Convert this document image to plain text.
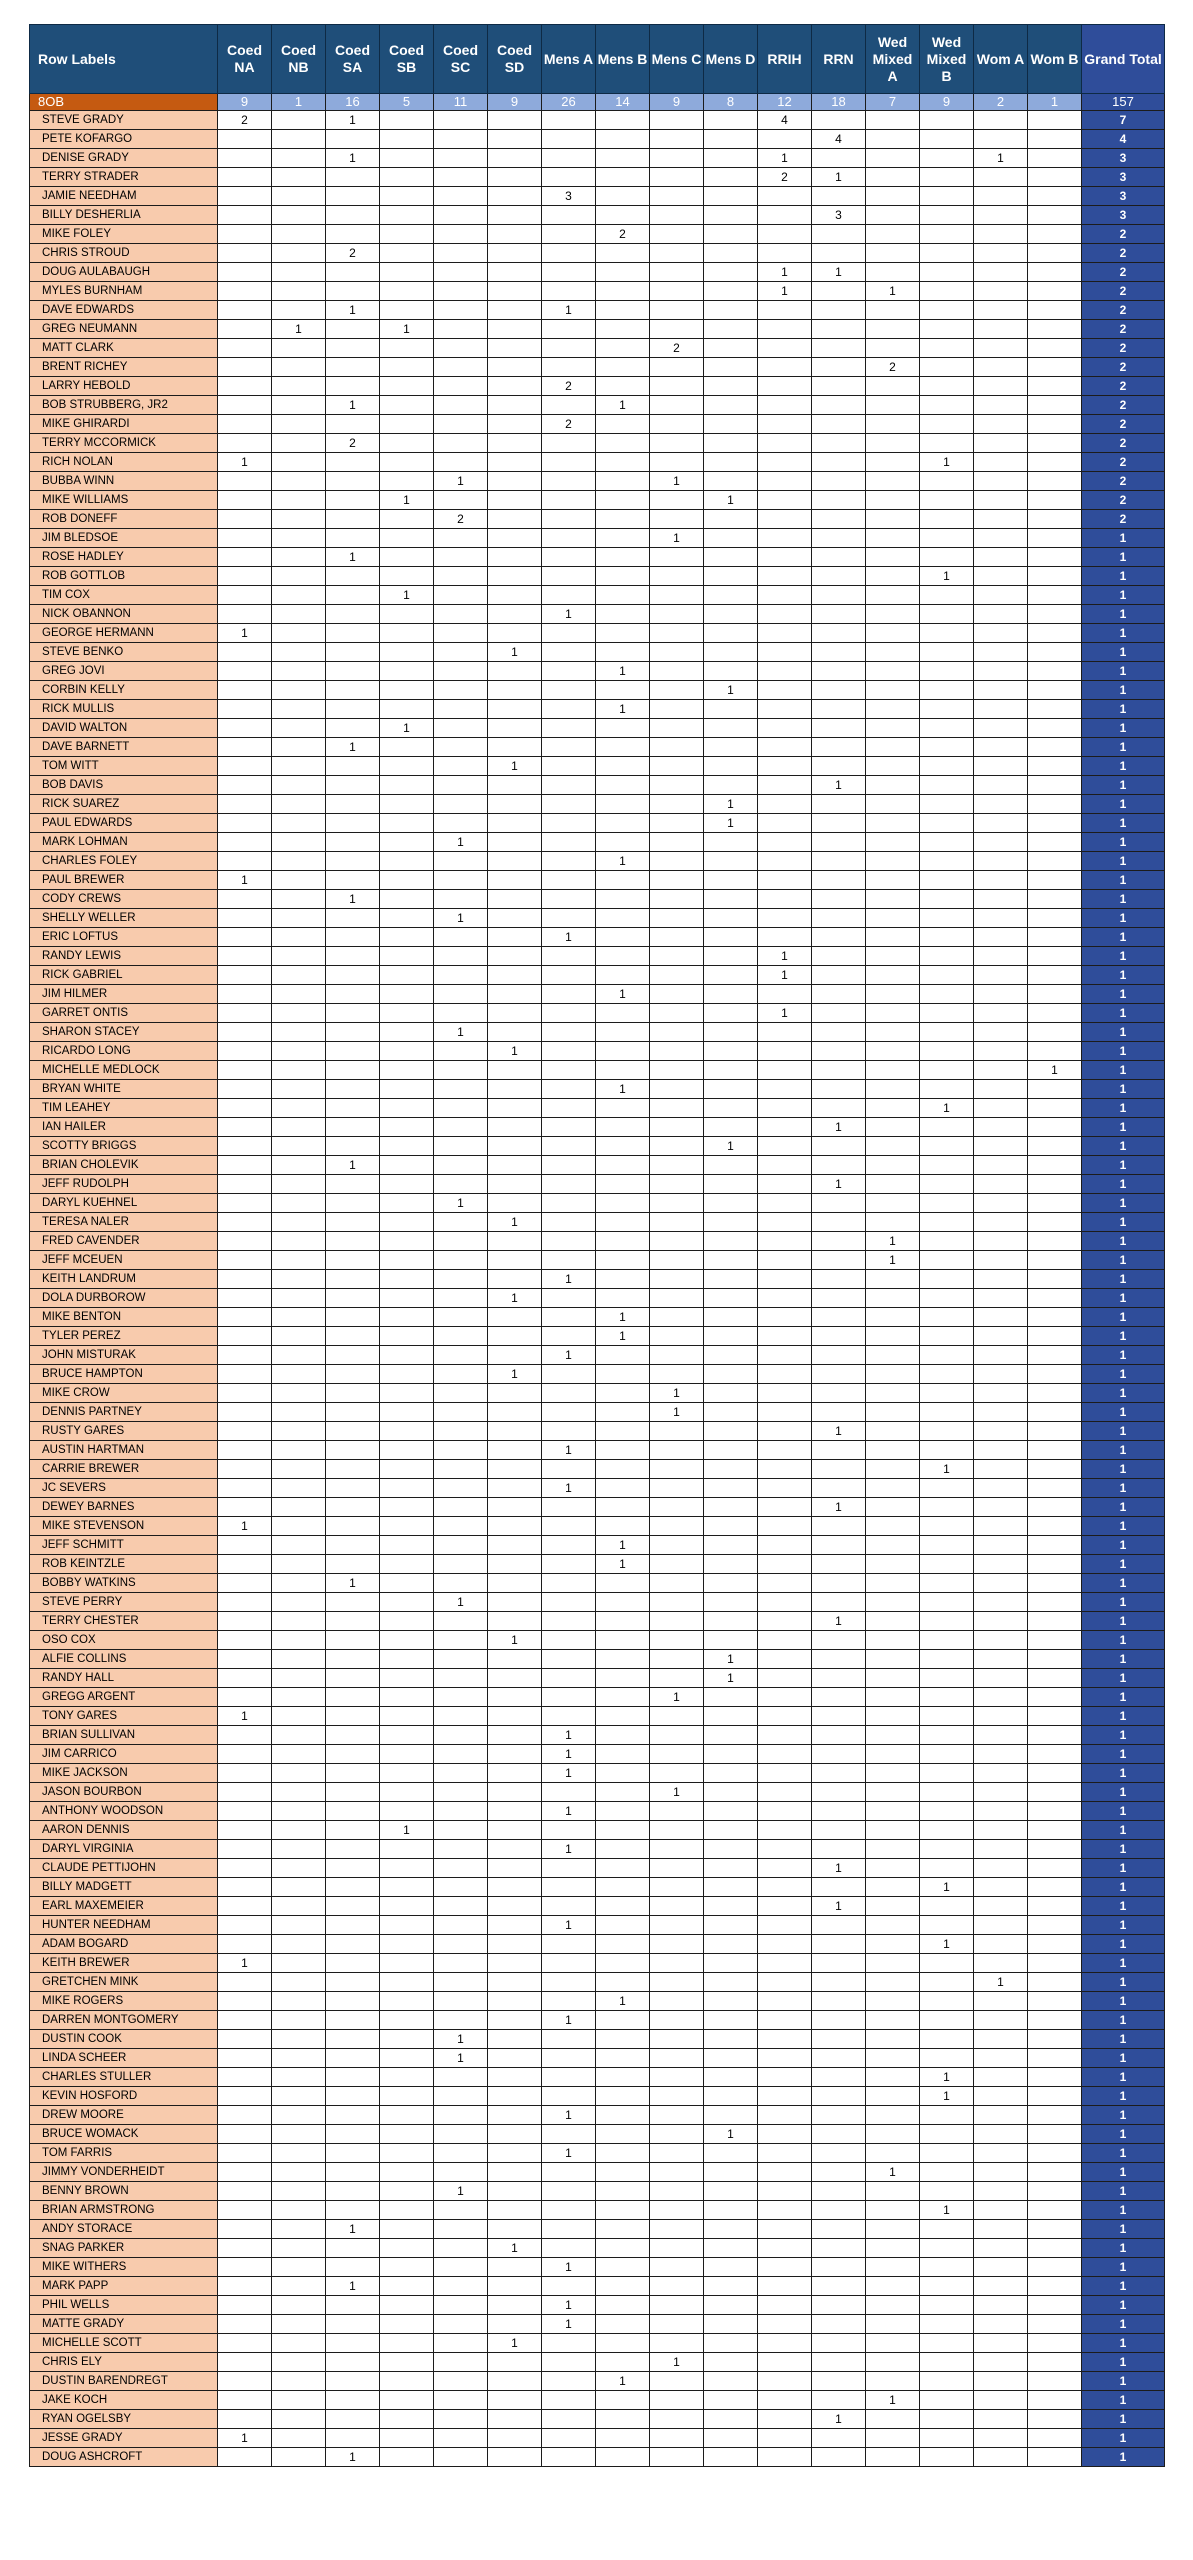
Row Labels	Coed NA	Coed NB	Coed SA	Coed SB	Coed SC	Coed SD	Mens A	Mens B	Mens C	Mens D	RRIH	RRN	Wed Mixed A	Wed Mixed B	Wom A	Wom B	Grand Total
8OB	9	1	16	5	11	9	26	14	9	8	12	18	7	9	2	1	157
STEVE GRADY	2		1								4						7
PETE KOFARGO												4					4
DENISE GRADY			1								1				1		3
TERRY STRADER											2	1					3
JAMIE NEEDHAM							3										3
BILLY DESHERLIA												3					3
MIKE FOLEY								2									2
CHRIS STROUD			2														2
DOUG AULABAUGH											1	1					2
MYLES BURNHAM											1		1				2
DAVE EDWARDS			1				1										2
GREG NEUMANN		1		1													2
MATT CLARK									2								2
BRENT RICHEY													2				2
LARRY HEBOLD							2										2
BOB STRUBBERG, JR2			1					1									2
MIKE GHIRARDI							2										2
TERRY MCCORMICK			2														2
RICH NOLAN	1													1			2
BUBBA WINN					1				1								2
MIKE WILLIAMS				1						1							2
ROB DONEFF					2												2
JIM BLEDSOE									1								1
ROSE HADLEY			1														1
ROB GOTTLOB														1			1
TIM COX				1													1
NICK OBANNON							1										1
GEORGE HERMANN	1																1
STEVE BENKO						1											1
GREG JOVI								1									1
CORBIN KELLY										1							1
RICK MULLIS								1									1
DAVID WALTON				1													1
DAVE BARNETT			1														1
TOM WITT						1											1
BOB DAVIS												1					1
RICK SUAREZ										1							1
PAUL EDWARDS										1							1
MARK LOHMAN					1												1
CHARLES FOLEY								1									1
PAUL BREWER	1																1
CODY CREWS			1														1
SHELLY WELLER					1												1
ERIC LOFTUS							1										1
RANDY LEWIS											1						1
RICK GABRIEL											1						1
JIM HILMER								1									1
GARRET ONTIS											1						1
SHARON STACEY					1												1
RICARDO LONG						1											1
MICHELLE MEDLOCK																1	1
BRYAN WHITE								1									1
TIM LEAHEY														1			1
IAN HAILER												1					1
SCOTTY BRIGGS										1							1
BRIAN CHOLEVIK			1														1
JEFF RUDOLPH												1					1
DARYL KUEHNEL					1												1
TERESA NALER						1											1
FRED CAVENDER													1				1
JEFF MCEUEN													1				1
KEITH LANDRUM							1										1
DOLA DURBOROW						1											1
MIKE BENTON								1									1
TYLER PEREZ								1									1
JOHN MISTURAK							1										1
BRUCE HAMPTON						1											1
MIKE CROW									1								1
DENNIS PARTNEY									1								1
RUSTY GARES												1					1
AUSTIN HARTMAN							1										1
CARRIE BREWER														1			1
JC SEVERS							1										1
DEWEY BARNES												1					1
MIKE STEVENSON	1																1
JEFF SCHMITT								1									1
ROB KEINTZLE								1									1
BOBBY WATKINS			1														1
STEVE PERRY					1												1
TERRY CHESTER												1					1
OSO COX						1											1
ALFIE COLLINS										1							1
RANDY HALL										1							1
GREGG ARGENT									1								1
TONY GARES	1																1
BRIAN SULLIVAN							1										1
JIM CARRICO							1										1
MIKE JACKSON							1										1
JASON BOURBON									1								1
ANTHONY WOODSON							1										1
AARON DENNIS				1													1
DARYL VIRGINIA							1										1
CLAUDE PETTIJOHN												1					1
BILLY MADGETT														1			1
EARL MAXEMEIER												1					1
HUNTER NEEDHAM							1										1
ADAM BOGARD														1			1
KEITH BREWER	1																1
GRETCHEN MINK															1		1
MIKE ROGERS								1									1
DARREN MONTGOMERY							1										1
DUSTIN COOK					1												1
LINDA SCHEER					1												1
CHARLES STULLER														1			1
KEVIN HOSFORD														1			1
DREW MOORE							1										1
BRUCE WOMACK										1							1
TOM FARRIS							1										1
JIMMY VONDERHEIDT													1				1
BENNY BROWN					1												1
BRIAN ARMSTRONG														1			1
ANDY STORACE			1														1
SNAG PARKER						1											1
MIKE WITHERS							1										1
MARK PAPP			1														1
PHIL WELLS							1										1
MATTE GRADY							1										1
MICHELLE SCOTT						1											1
CHRIS ELY									1								1
DUSTIN BARENDREGT								1									1
JAKE KOCH													1				1
RYAN OGELSBY												1					1
JESSE GRADY	1																1
DOUG ASHCROFT			1														1
